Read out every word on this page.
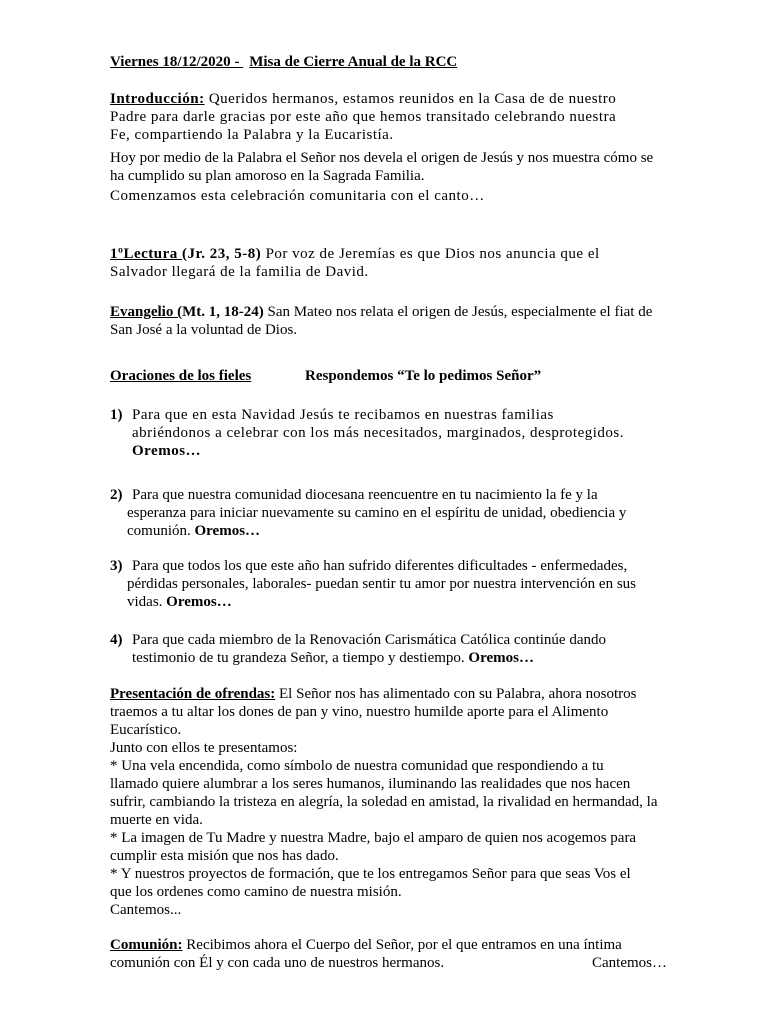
Viernes 18/12/2020 - Misa de Cierre Anual de la RCC
Introducción: Queridos hermanos, estamos reunidos en la Casa de de nuestro
Padre para darle gracias por este año que hemos transitado celebrando nuestra
Fe, compartiendo la Palabra y la Eucaristía.
Hoy por medio de la Palabra el Señor nos devela el origen de Jesús y nos muestra cómo se
ha cumplido su plan amoroso en la Sagrada Familia.
Comenzamos esta celebración comunitaria con el canto…
1ºLectura (Jr. 23, 5-8) Por voz de Jeremías es que Dios nos anuncia que el
Salvador llegará de la familia de David.
Evangelio (Mt. 1, 18-24) San Mateo nos relata el origen de Jesús, especialmente el fiat de
San José a la voluntad de Dios.
Oraciones de los fieles	Respondemos “Te lo pedimos Señor”
1) Para que en esta Navidad Jesús te recibamos en nuestras familias
abriéndonos a celebrar con los más necesitados, marginados, desprotegidos.
Oremos…
2) Para que nuestra comunidad diocesana reencuentre en tu nacimiento la fe y la
esperanza para iniciar nuevamente su camino en el espíritu de unidad, obediencia y
comunión. Oremos…
3) Para que todos los que este año han sufrido diferentes dificultades - enfermedades,
pérdidas personales, laborales- puedan sentir tu amor por nuestra intervención en sus
vidas. Oremos…
4) Para que cada miembro de la Renovación Carismática Católica continúe dando
testimonio de tu grandeza Señor, a tiempo y destiempo. Oremos…
Presentación de ofrendas: El Señor nos has alimentado con su Palabra, ahora nosotros
traemos a tu altar los dones de pan y vino, nuestro humilde aporte para el Alimento
Eucarístico.
Junto con ellos te presentamos:
* Una vela encendida, como símbolo de nuestra comunidad que respondiendo a tu
llamado quiere alumbrar a los seres humanos, iluminando las realidades que nos hacen
sufrir, cambiando la tristeza en alegría, la soledad en amistad, la rivalidad en hermandad, la
muerte en vida.
* La imagen de Tu Madre y nuestra Madre, bajo el amparo de quien nos acogemos para
cumplir esta misión que nos has dado.
* Y nuestros proyectos de formación, que te los entregamos Señor para que seas Vos el
que los ordenes como camino de nuestra misión.
Cantemos...
Comunión: Recibimos ahora el Cuerpo del Señor, por el que entramos en una íntima
comunión con Él y con cada uno de nuestros hermanos.	Cantemos…
